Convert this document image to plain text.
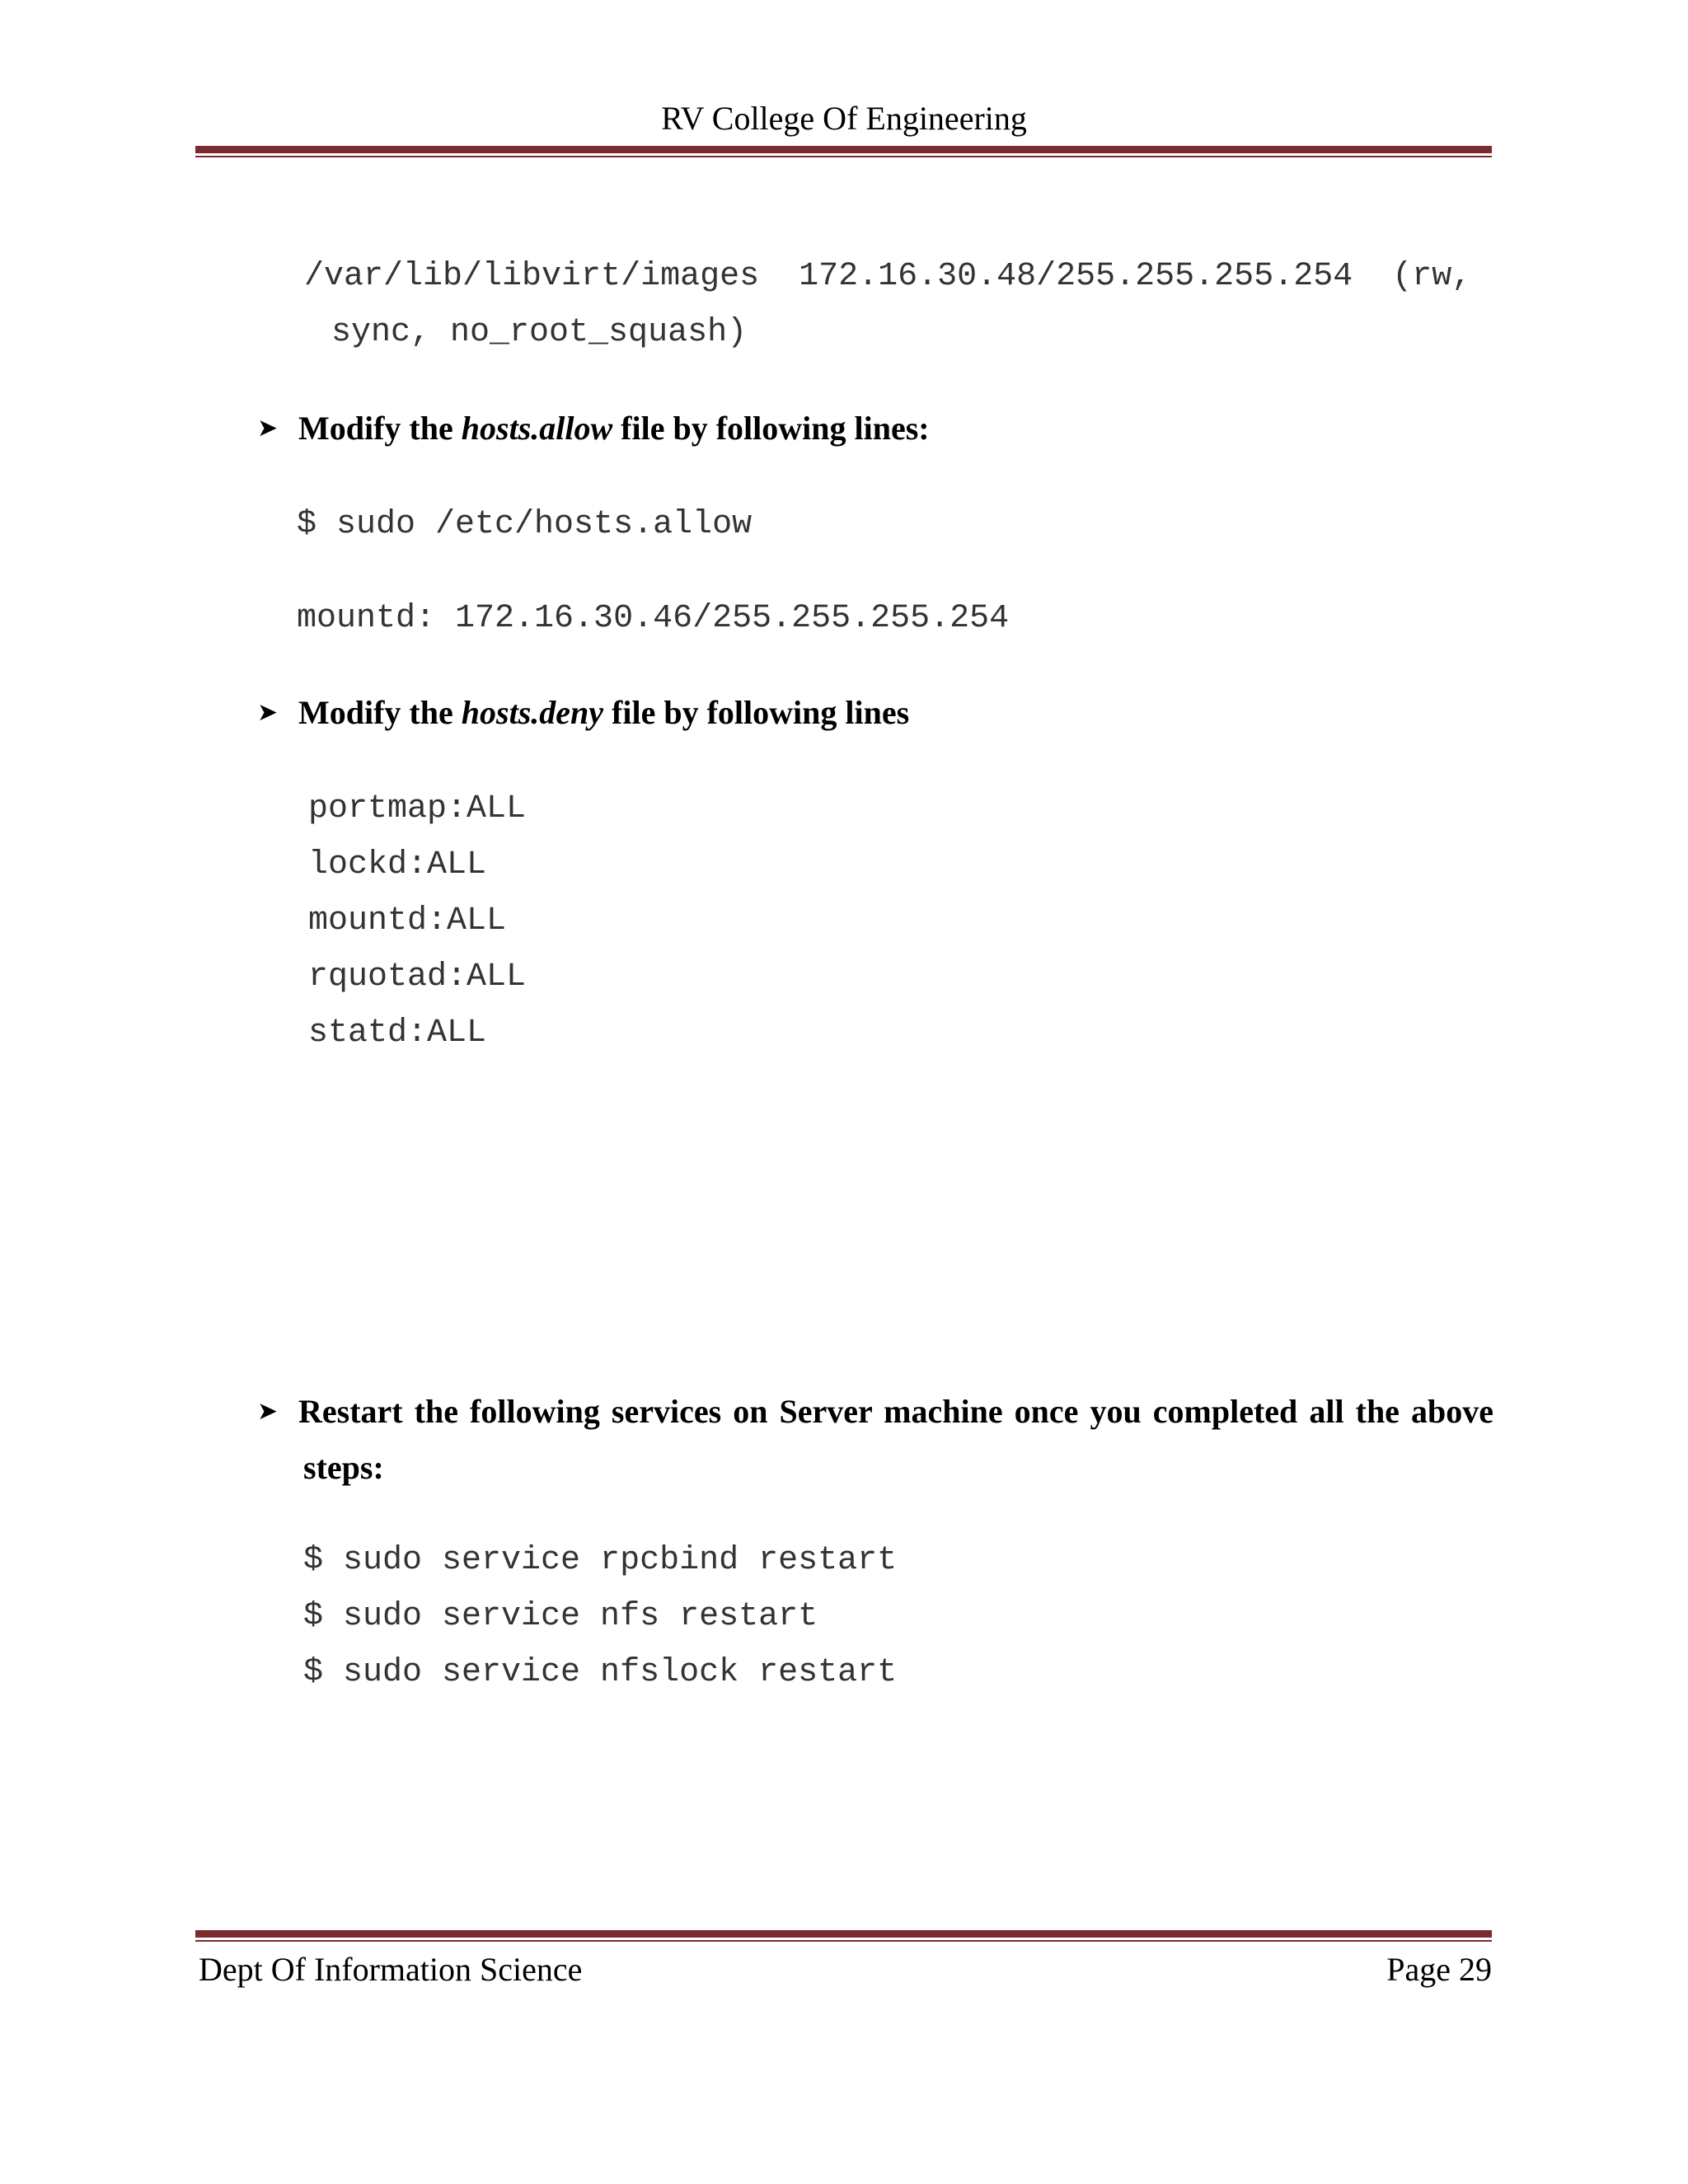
RV College Of Engineering
/var/lib/libvirt/images  172.16.30.48/255.255.255.254  (rw,
sync, no_root_squash)
➤ Modify the hosts.allow file by following lines:
$ sudo /etc/hosts.allow
mountd: 172.16.30.46/255.255.255.254
➤ Modify the hosts.deny file by following lines
portmap:ALL
lockd:ALL
mountd:ALL
rquotad:ALL
statd:ALL
➤ Restart the following services on Server machine once you completed all the above
steps:
$ sudo service rpcbind restart
$ sudo service nfs restart
$ sudo service nfslock restart
Dept Of Information Science	Page 29
